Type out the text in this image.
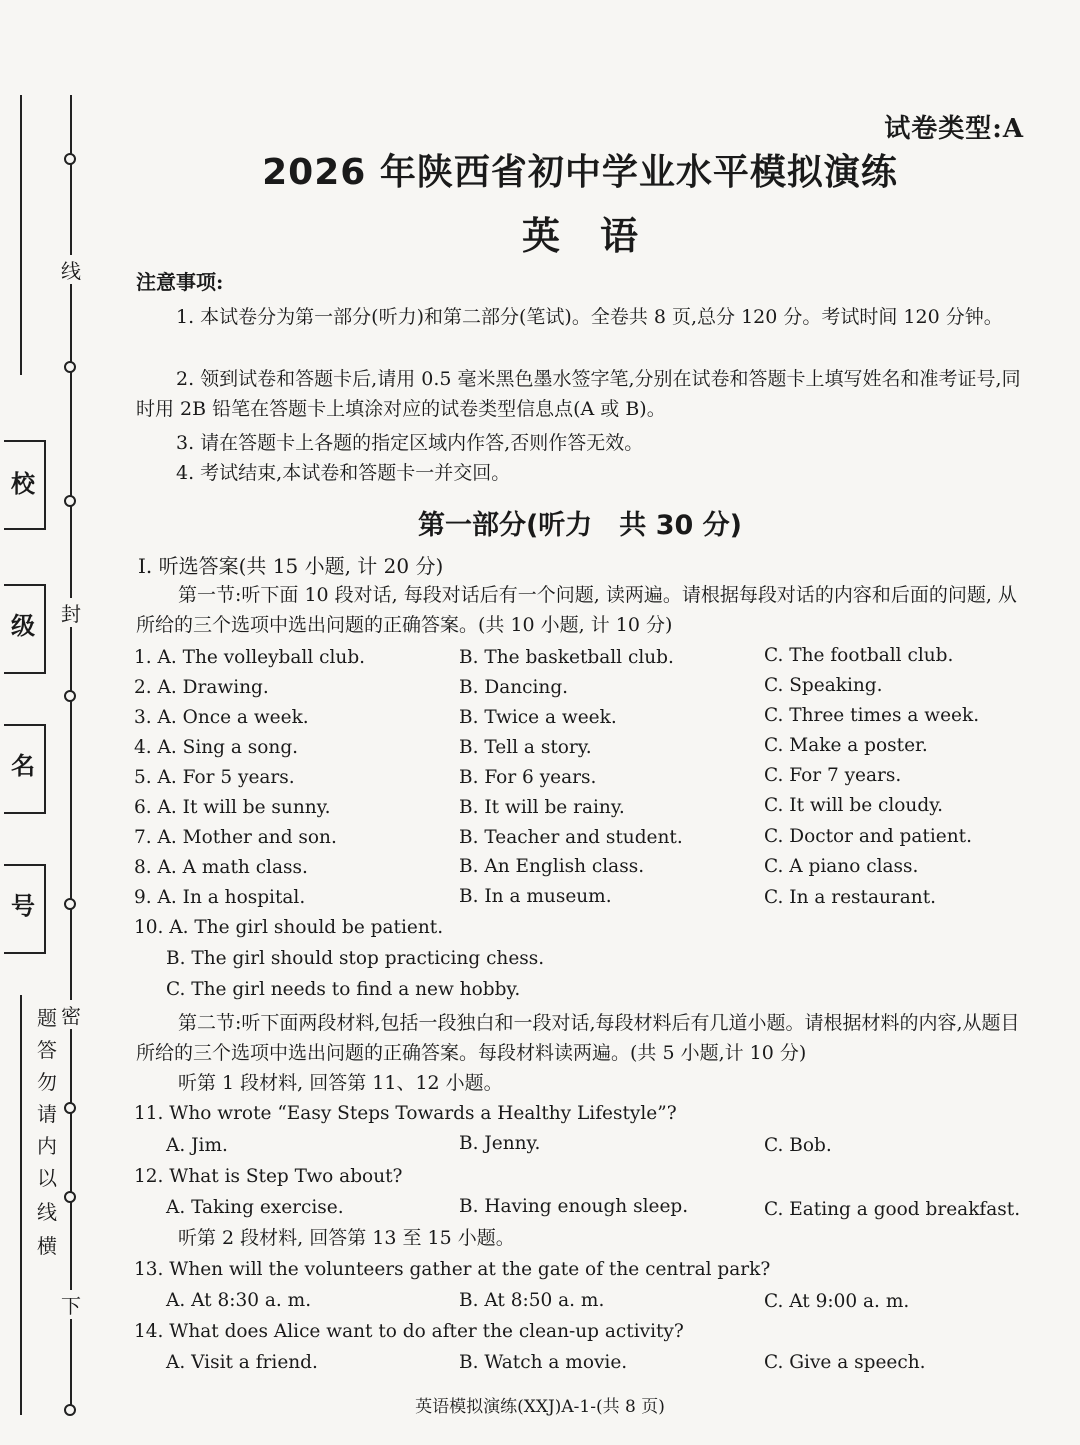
线
封
密
下
校
级
名
号
题
答
勿
请
内
以
线
横
试卷类型:A
2026 年陕西省初中学业水平模拟演练
英语
注意事项:
1. 本试卷分为第一部分(听力)和第二部分(笔试)。全卷共 8 页,总分 120 分。考试时间 120 分钟。
2. 领到试卷和答题卡后,请用 0.5 毫米黑色墨水签字笔,分别在试卷和答题卡上填写姓名和准考证号,同时用 2B 铅笔在答题卡上填涂对应的试卷类型信息点(A 或 B)。
3. 请在答题卡上各题的指定区域内作答,否则作答无效。
4. 考试结束,本试卷和答题卡一并交回。
第一部分(听力　共 30 分)
Ⅰ. 听选答案(共 15 小题, 计 20 分)
第一节:听下面 10 段对话, 每段对话后有一个问题, 读两遍。请根据每段对话的内容和后面的问题, 从所给的三个选项中选出问题的正确答案。(共 10 小题, 计 10 分)
1. A. The volleyball club.	B. The basketball club.	C. The football club.
2. A. Drawing.	B. Dancing.	C. Speaking.
3. A. Once a week.	B. Twice a week.	C. Three times a week.
4. A. Sing a song.	B. Tell a story.	C. Make a poster.
5. A. For 5 years.	B. For 6 years.	C. For 7 years.
6. A. It will be sunny.	B. It will be rainy.	C. It will be cloudy.
7. A. Mother and son.	B. Teacher and student.	C. Doctor and patient.
8. A. A math class.	B. An English class.	C. A piano class.
9. A. In a hospital.	B. In a museum.	C. In a restaurant.
10. A. The girl should be patient.
B. The girl should stop practicing chess.
C. The girl needs to find a new hobby.
第二节:听下面两段材料,包括一段独白和一段对话,每段材料后有几道小题。请根据材料的内容,从题目所给的三个选项中选出问题的正确答案。每段材料读两遍。(共 5 小题,计 10 分)
听第 1 段材料, 回答第 11、12 小题。
11. Who wrote “Easy Steps Towards a Healthy Lifestyle”?
A. Jim.	B. Jenny.	C. Bob.
12. What is Step Two about?
A. Taking exercise.	B. Having enough sleep.	C. Eating a good breakfast.
听第 2 段材料, 回答第 13 至 15 小题。
13. When will the volunteers gather at the gate of the central park?
A. At 8:30 a. m.	B. At 8:50 a. m.	C. At 9:00 a. m.
14. What does Alice want to do after the clean-up activity?
A. Visit a friend.	B. Watch a movie.	C. Give a speech.
英语模拟演练(XXJ)A-1-(共 8 页)
